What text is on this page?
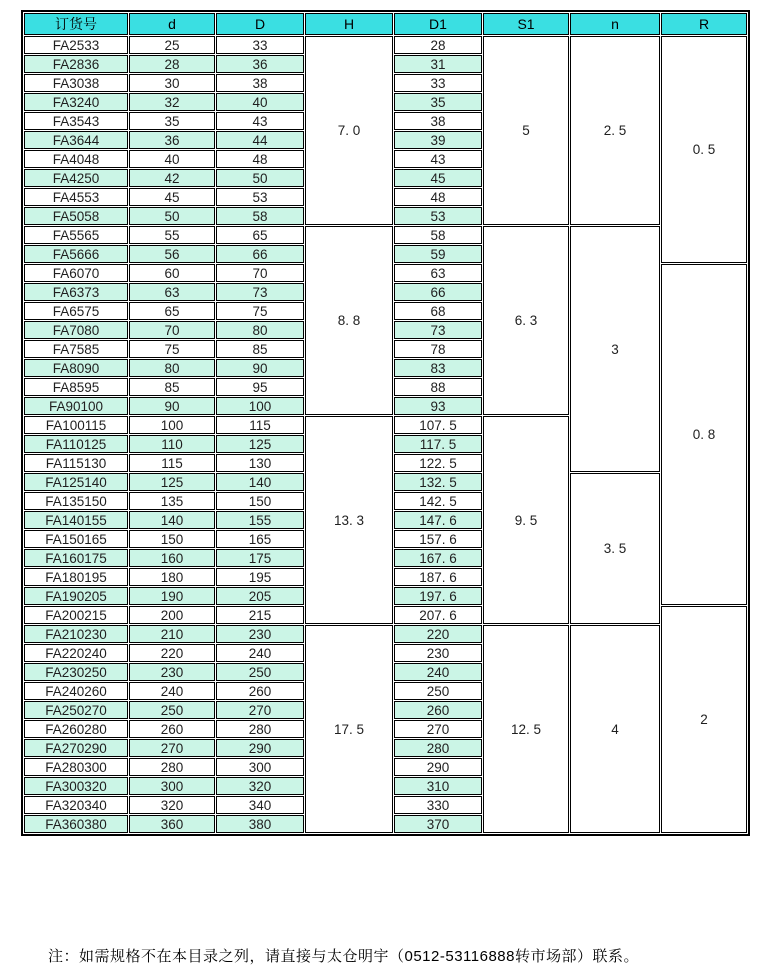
订货号	d	D	H	D1	S1	n	R
FA2533	25	33	7. 0	28	5	2. 5	0. 5
FA2836	28	36		31			
FA3038	30	38		33			
FA3240	32	40		35			
FA3543	35	43		38			
FA3644	36	44		39			
FA4048	40	48		43			
FA4250	42	50		45			
FA4553	45	53		48			
FA5058	50	58		53			
FA5565	55	65	8. 8	58	6. 3	3	
FA5666	56	66		59			
FA6070	60	70		63			0. 8
FA6373	63	73		66			
FA6575	65	75		68			
FA7080	70	80		73			
FA7585	75	85		78			
FA8090	80	90		83			
FA8595	85	95		88			
FA90100	90	100		93			
FA100115	100	115	13. 3	107. 5	9. 5		
FA110125	110	125		117. 5			
FA115130	115	130		122. 5			
FA125140	125	140		132. 5		3. 5	
FA135150	135	150		142. 5			
FA140155	140	155		147. 6			
FA150165	150	165		157. 6			
FA160175	160	175		167. 6			
FA180195	180	195		187. 6			
FA190205	190	205		197. 6			
FA200215	200	215		207. 6			2
FA210230	210	230	17. 5	220	12. 5	4	
FA220240	220	240		230			
FA230250	230	250		240			
FA240260	240	260		250			
FA250270	250	270		260			
FA260280	260	280		270			
FA270290	270	290		280			
FA280300	280	300		290			
FA300320	300	320		310			
FA320340	320	340		330			
FA360380	360	380		370			
注：如需规格不在本目录之列，请直接与太仓明宇（0512-53116888转市场部）联系。
